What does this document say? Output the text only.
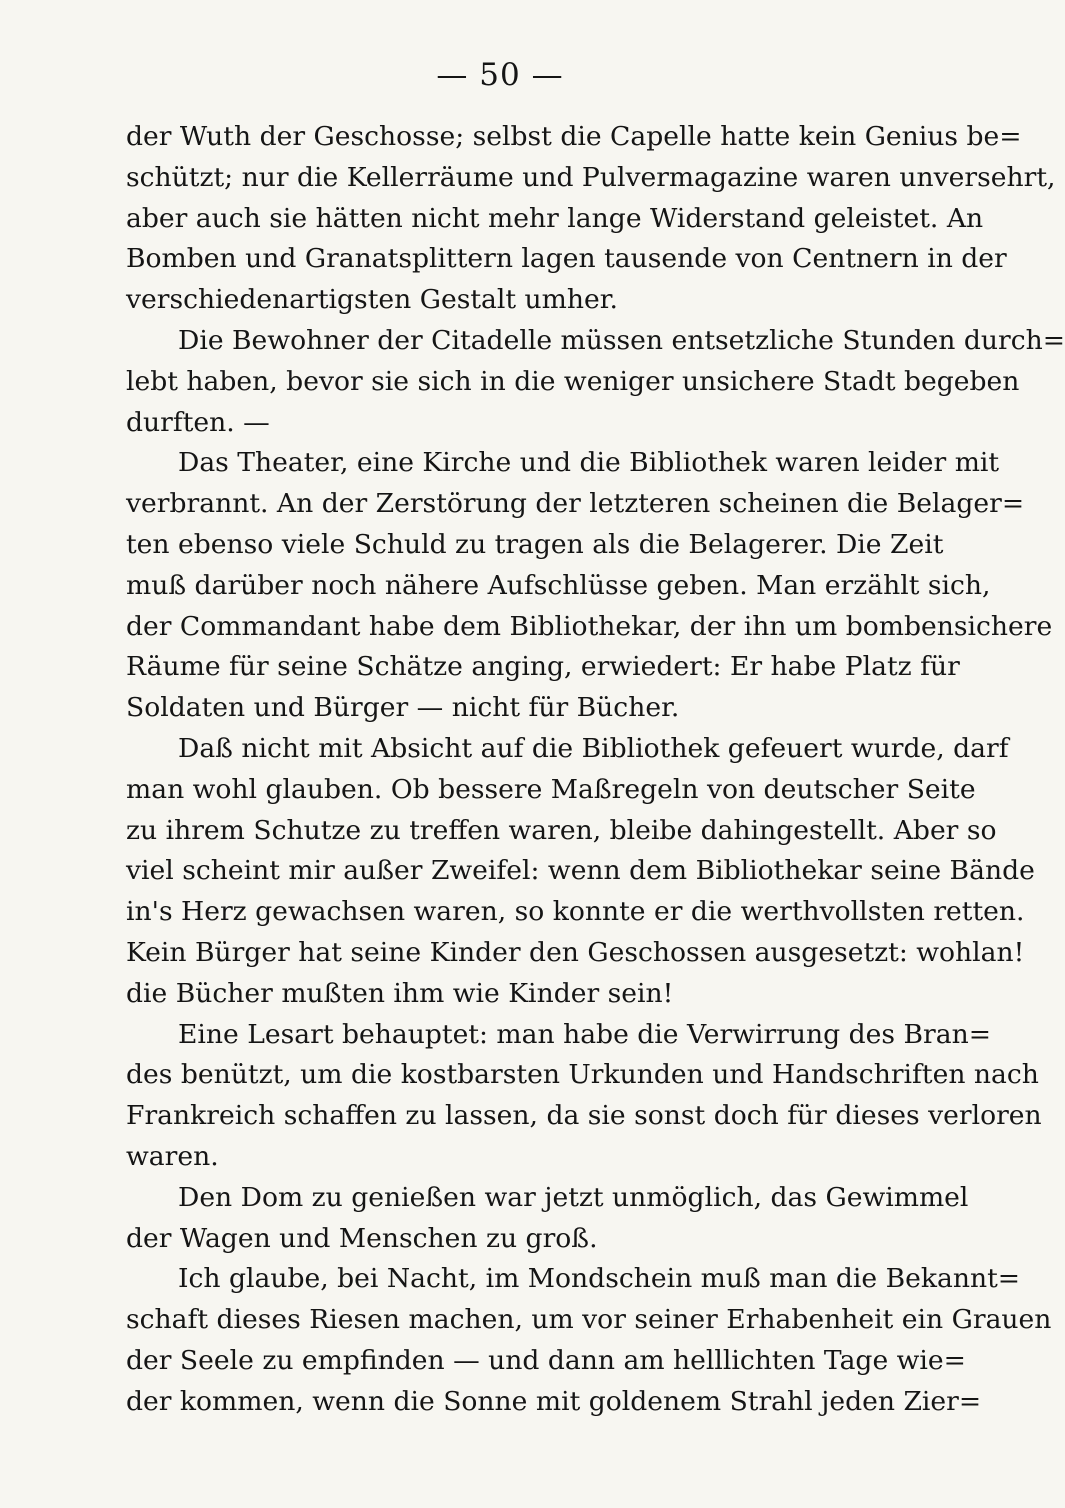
— 50 —
der Wuth der Geschosse; selbst die Capelle hatte kein Genius be=
schützt; nur die Kellerräume und Pulvermagazine waren unversehrt,
aber auch sie hätten nicht mehr lange Widerstand geleistet. An
Bomben und Granatsplittern lagen tausende von Centnern in der
verschiedenartigsten Gestalt umher.
Die Bewohner der Citadelle müssen entsetzliche Stunden durch=
lebt haben, bevor sie sich in die weniger unsichere Stadt begeben
durften. —
Das Theater, eine Kirche und die Bibliothek waren leider mit
verbrannt. An der Zerstörung der letzteren scheinen die Belager=
ten ebenso viele Schuld zu tragen als die Belagerer. Die Zeit
muß darüber noch nähere Aufschlüsse geben. Man erzählt sich,
der Commandant habe dem Bibliothekar, der ihn um bombensichere
Räume für seine Schätze anging, erwiedert: Er habe Platz für
Soldaten und Bürger — nicht für Bücher.
Daß nicht mit Absicht auf die Bibliothek gefeuert wurde, darf
man wohl glauben. Ob bessere Maßregeln von deutscher Seite
zu ihrem Schutze zu treffen waren, bleibe dahingestellt. Aber so
viel scheint mir außer Zweifel: wenn dem Bibliothekar seine Bände
in's Herz gewachsen waren, so konnte er die werthvollsten retten.
Kein Bürger hat seine Kinder den Geschossen ausgesetzt: wohlan!
die Bücher mußten ihm wie Kinder sein!
Eine Lesart behauptet: man habe die Verwirrung des Bran=
des benützt, um die kostbarsten Urkunden und Handschriften nach
Frankreich schaffen zu lassen, da sie sonst doch für dieses verloren
waren.
Den Dom zu genießen war jetzt unmöglich, das Gewimmel
der Wagen und Menschen zu groß.
Ich glaube, bei Nacht, im Mondschein muß man die Bekannt=
schaft dieses Riesen machen, um vor seiner Erhabenheit ein Grauen
der Seele zu empfinden — und dann am helllichten Tage wie=
der kommen, wenn die Sonne mit goldenem Strahl jeden Zier=
